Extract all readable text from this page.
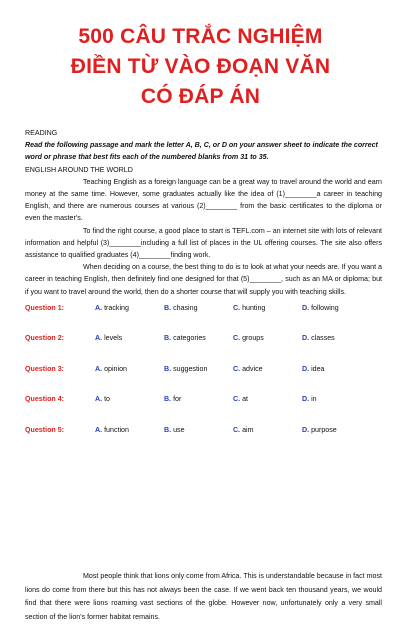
500 CÂU TRẮC NGHIỆM
ĐIỀN TỪ VÀO ĐOẠN VĂN
CÓ ĐÁP ÁN

READING

Read the following passage and mark the letter A, B, C, or D on your answer sheet to indicate the correct word or phrase that best fits each of the numbered blanks from 31 to 35.

ENGLISH AROUND THE WORLD

Teaching English as a foreign language can be a great way to travel around the world and earn money at the same time. However, some graduates actually like the idea of (1)________a career in teaching English, and there are numerous courses at various (2)________ from the basic certificates to the diploma or even the master's.

To find the right course, a good place to start is TEFL.com – an internet site with lots of relevant information and helpful (3)________including a full list of places in the UL offering courses. The site also offers assistance to qualified graduates (4)________finding work.

When deciding on a course, the best thing to do is to look at what your needs are. If you want a career in teaching English, then definitely find one designed for that (5)________, such as an MA or diploma; but if you want to travel around the world, then do a shorter course that will supply you with teaching skills.

Question 1:	A. tracking	B. chasing	C. hunting	D. following
Question 2:	A. levels	B. categories	C. groups	D. classes
Question 3:	A. opinion	B. suggestion	C. advice	D. idea
Question 4:	A. to	B. for	C. at	D. in
Question 5:	A. function	B. use	C. aim	D. purpose

Most people think that lions only come from Africa. This is understandable because in fact most lions do come from there but this has not always been the case. If we went back ten thousand years, we would find that there were lions roaming vast sections of the globe. However now, unfortunately only a very small section of the lion's former habitat remains.
